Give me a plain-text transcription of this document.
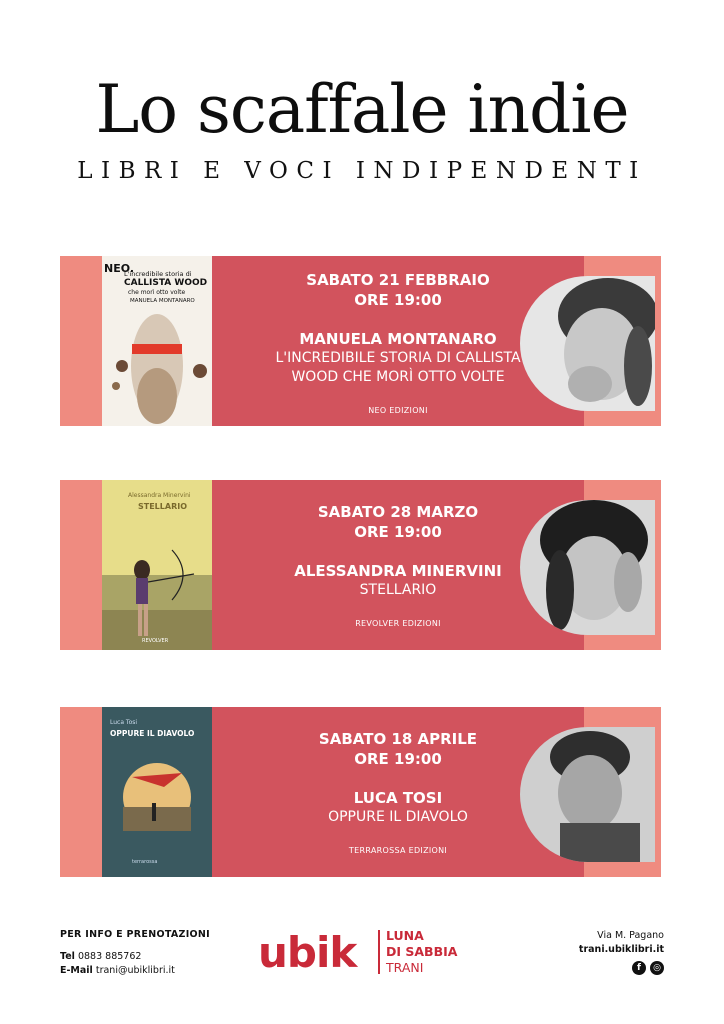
Lo scaffale indie
LIBRI E VOCI INDIPENDENTI
NEO.
L'incredibile storia di
CALLISTA WOOD
che morì otto volte
MANUELA MONTANARO
SABATO 21 FEBBRAIO
ORE 19:00
MANUELA MONTANARO
L'INCREDIBILE STORIA DI CALLISTA
WOOD CHE MORÌ OTTO VOLTE
NEO EDIZIONI
Alessandra Minervini
STELLARIO
REVOLVER
SABATO 28 MARZO
ORE 19:00
ALESSANDRA MINERVINI
STELLARIO
REVOLVER EDIZIONI
Luca Tosi
OPPURE IL DIAVOLO
terrarossa
SABATO 18 APRILE
ORE 19:00
LUCA TOSI
OPPURE IL DIAVOLO
TERRAROSSA EDIZIONI
PER INFO E PRENOTAZIONI
Tel 0883 885762
E-Mail trani@ubiklibri.it	ubik LUNA
DI SABBIA
TRANI
Via M. Pagano
trani.ubiklibri.it
f	◎
